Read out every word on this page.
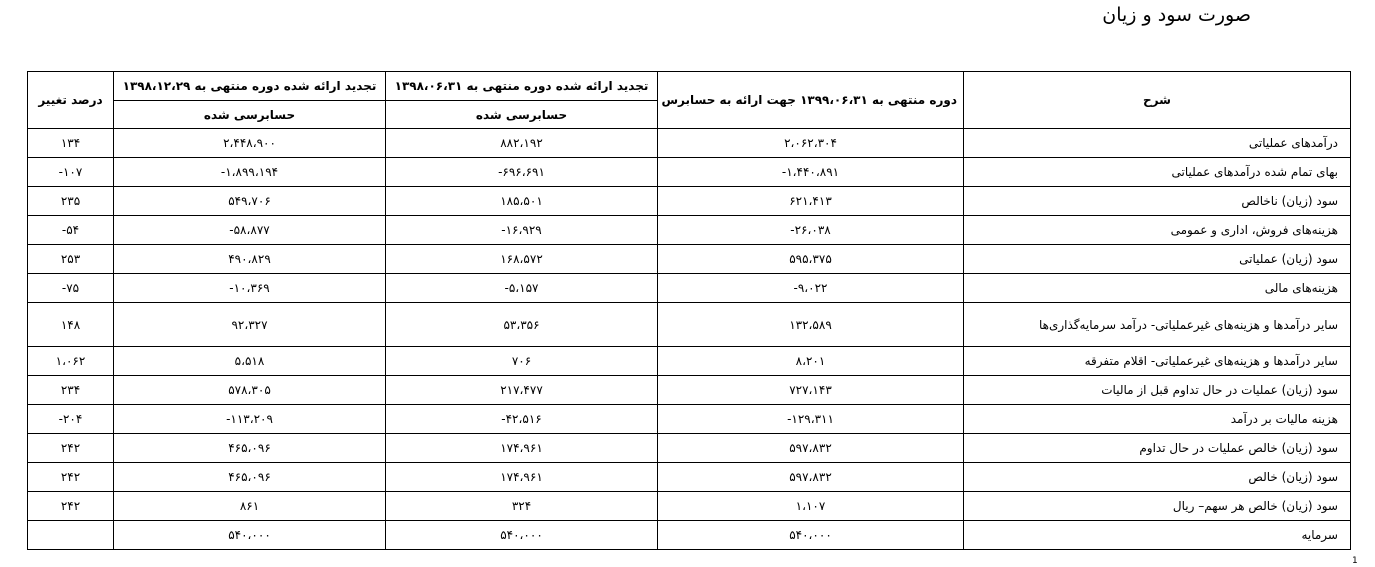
صورت سود و زیان
شرح	دوره منتهی به ۱۳۹۹،۰۶،۳۱ جهت ارائه به حسابرس	تجدید ارائه شده دوره منتهی به ۱۳۹۸،۰۶،۳۱	تجدید ارائه شده دوره منتهی به ۱۳۹۸،۱۲،۲۹	درصد تغییر
		حسابرسی شده	حسابرسی شده	
درآمدهای عملیاتی	۲،۰۶۲،۳۰۴	۸۸۲،۱۹۲	۲،۴۴۸،۹۰۰	۱۳۴
بهای تمام شده درآمدهای عملیاتی	-۱،۴۴۰،۸۹۱	-۶۹۶،۶۹۱	-۱،۸۹۹،۱۹۴	-۱۰۷
سود (زیان) ناخالص	۶۲۱،۴۱۳	۱۸۵،۵۰۱	۵۴۹،۷۰۶	۲۳۵
هزینه‌های فروش، اداری و عمومی	-۲۶،۰۳۸	-۱۶،۹۲۹	-۵۸،۸۷۷	-۵۴
سود (زیان) عملیاتی	۵۹۵،۳۷۵	۱۶۸،۵۷۲	۴۹۰،۸۲۹	۲۵۳
هزینه‌های مالی	-۹،۰۲۲	-۵،۱۵۷	-۱۰،۳۶۹	-۷۵
سایر درآمدها و هزینه‌های غیرعملیاتی- درآمد سرمایه‌گذاری‌ها	۱۳۲،۵۸۹	۵۳،۳۵۶	۹۲،۳۲۷	۱۴۸
سایر درآمدها و هزینه‌های غیرعملیاتی- اقلام متفرقه	۸،۲۰۱	۷۰۶	۵،۵۱۸	۱،۰۶۲
سود (زیان) عملیات در حال تداوم قبل از مالیات	۷۲۷،۱۴۳	۲۱۷،۴۷۷	۵۷۸،۳۰۵	۲۳۴
هزینه مالیات بر درآمد	-۱۲۹،۳۱۱	-۴۲،۵۱۶	-۱۱۳،۲۰۹	-۲۰۴
سود (زیان) خالص عملیات در حال تداوم	۵۹۷،۸۳۲	۱۷۴،۹۶۱	۴۶۵،۰۹۶	۲۴۲
سود (زیان) خالص	۵۹۷،۸۳۲	۱۷۴،۹۶۱	۴۶۵،۰۹۶	۲۴۲
سود (زیان) خالص هر سهم– ریال	۱،۱۰۷	۳۲۴	۸۶۱	۲۴۲
سرمایه	۵۴۰،۰۰۰	۵۴۰،۰۰۰	۵۴۰،۰۰۰	
1
